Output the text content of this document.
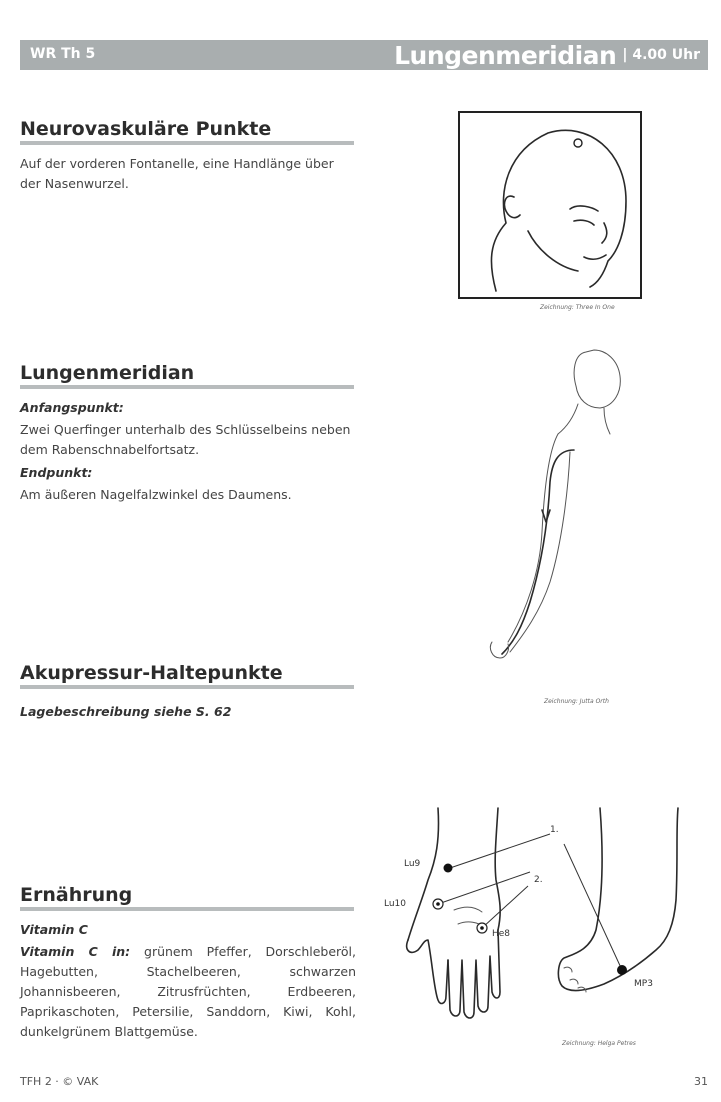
WR Th 5	Lungenmeridian | 4.00 Uhr
Neurovaskuläre Punkte
Auf der vorderen Fontanelle, eine Handlänge über der Nasenwurzel.
Lungenmeridian
Anfangspunkt:
Zwei Querfinger unterhalb des Schlüsselbeins neben dem Rabenschnabelfortsatz.
Endpunkt:
Am äußeren Nagelfalzwinkel des Daumens.
Akupressur-Haltepunkte
Lagebeschreibung siehe S. 62
Ernährung
Vitamin C
Vitamin C in: grünem Pfeffer, Dorschleberöl, Hagebutten, Stachelbeeren, schwarzen Johannisbeeren, Zitrusfrüchten, Erdbeeren, Paprikaschoten, Petersilie, Sanddorn, Kiwi, Kohl, dunkelgrünem Blattgemüse.
Zeichnung: Three In One
Zeichnung: Jutta Orth
Lu9
Lu10
He8
MP3
1.
2.
Zeichnung: Helga Petres
TFH 2 · © VAK	31
